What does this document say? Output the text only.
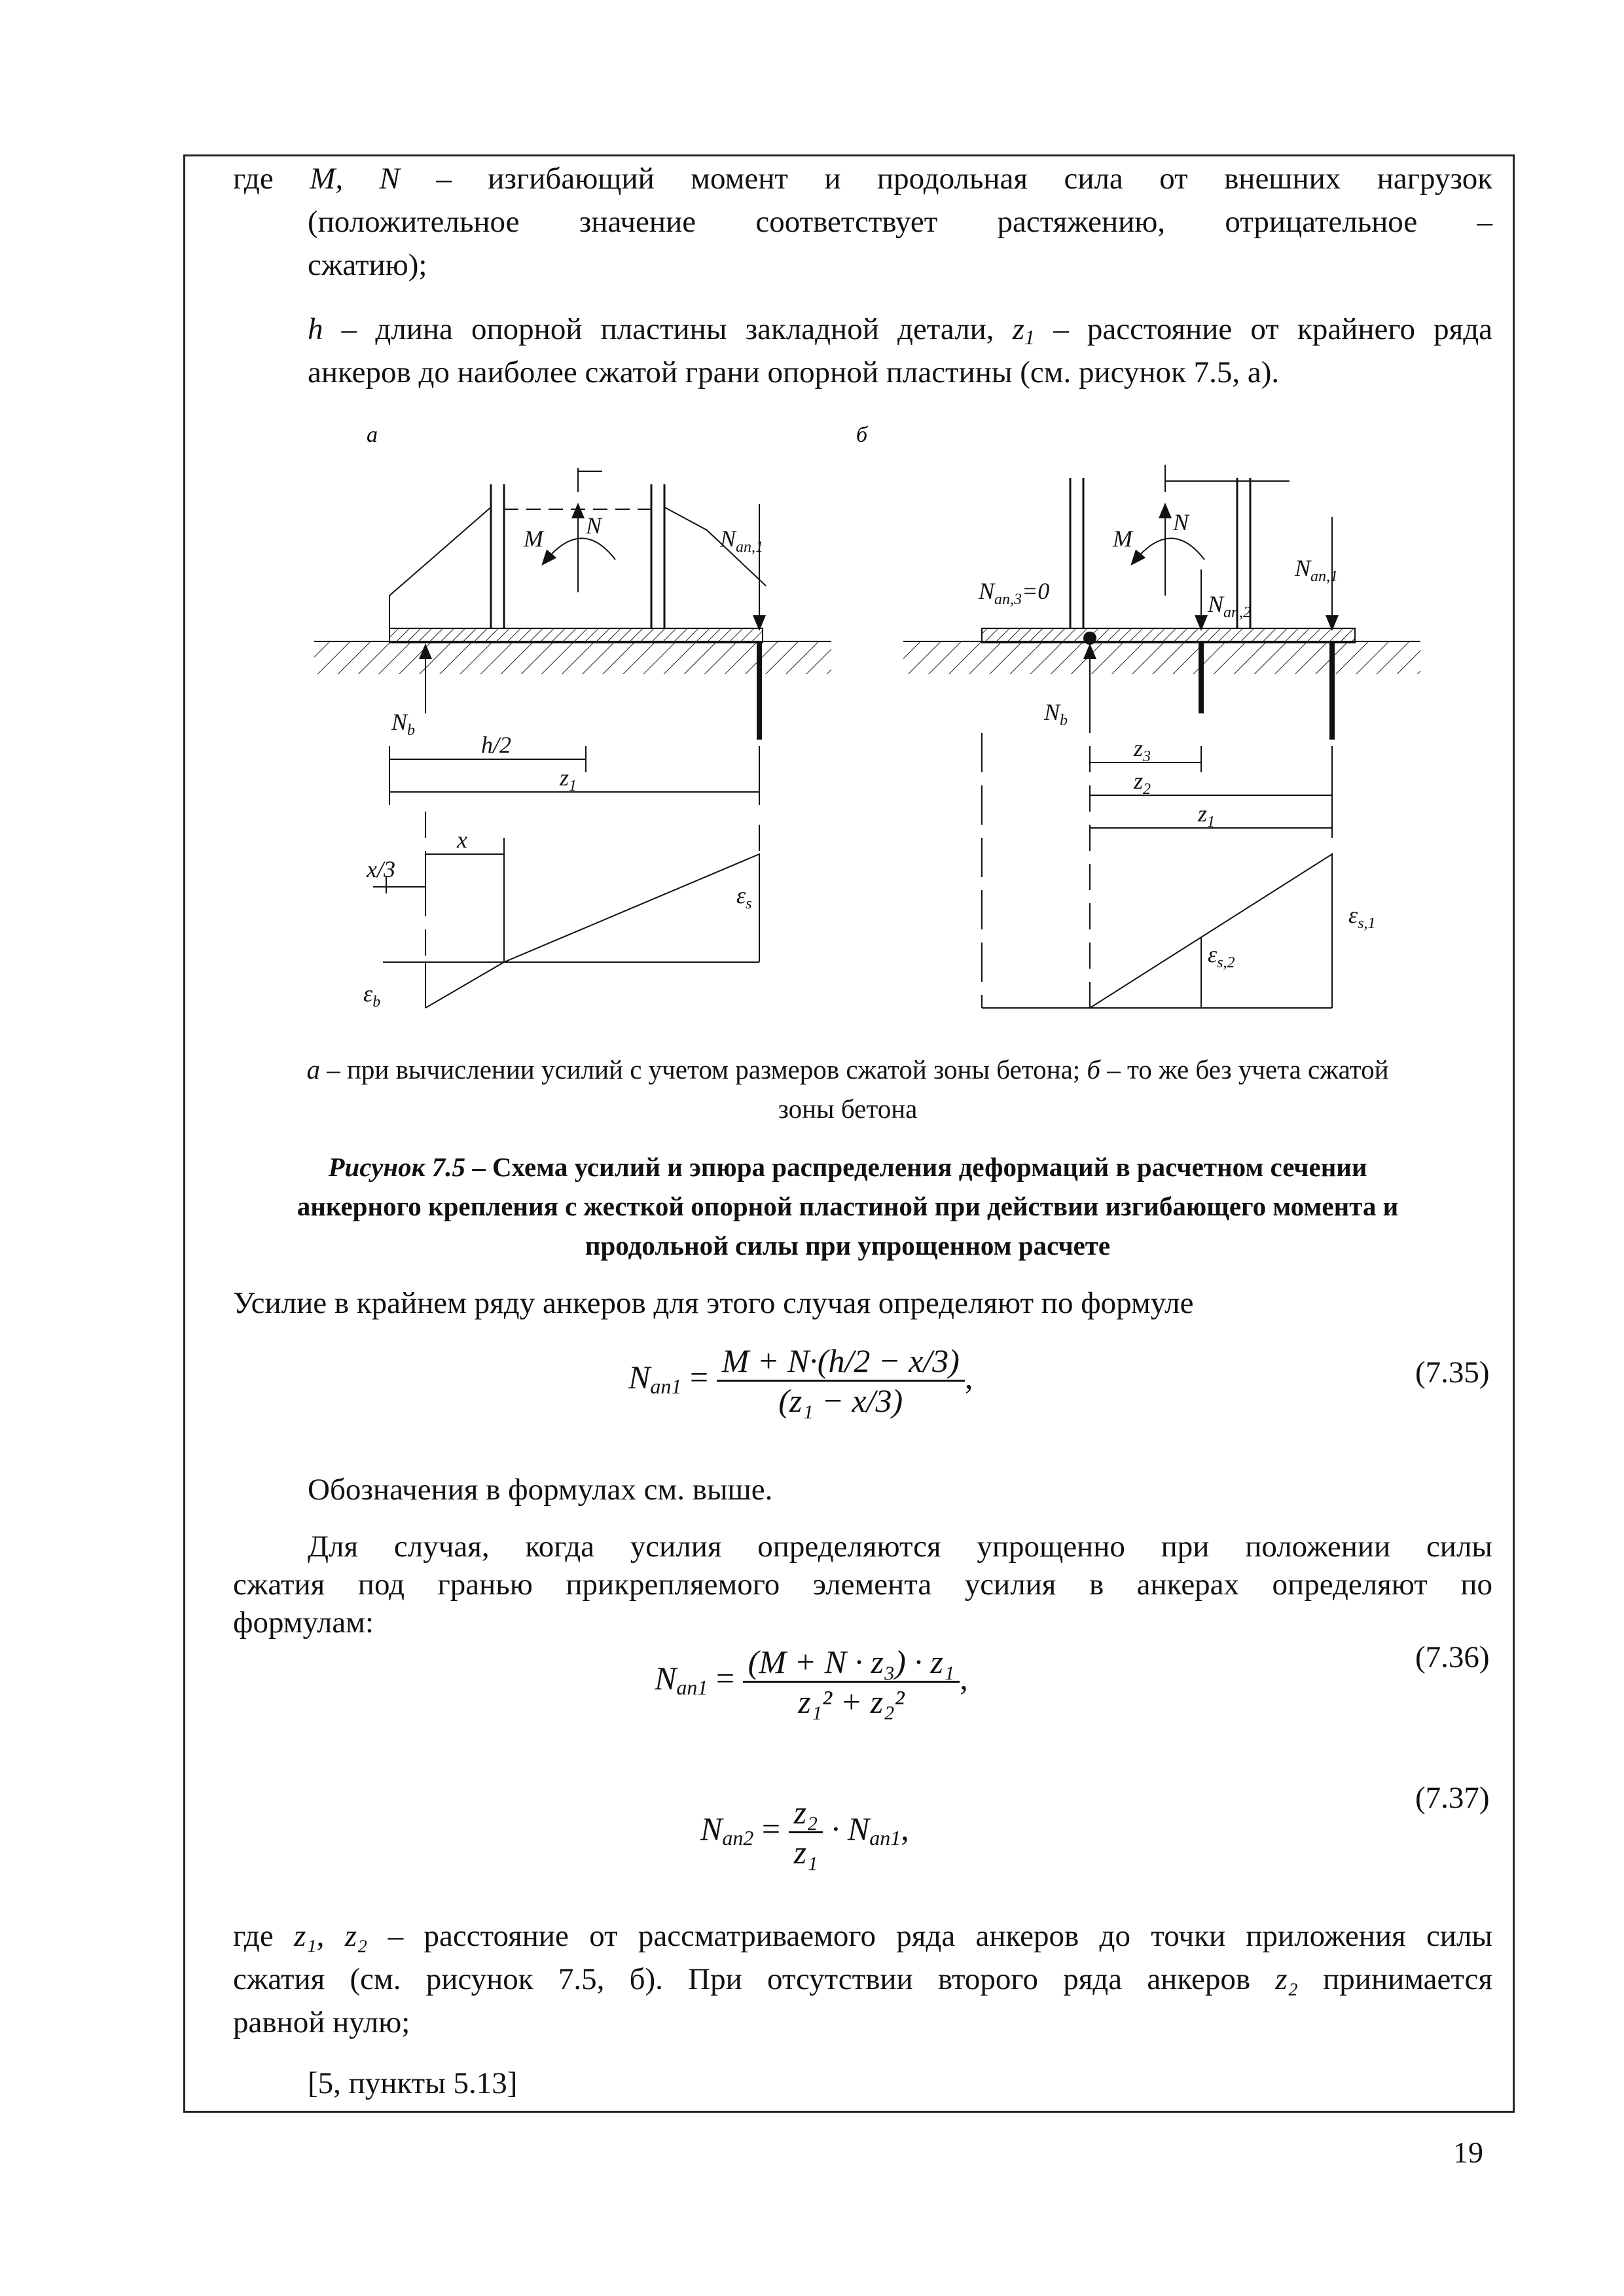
где M, N – изгибающий момент и продольная сила от внешних нагрузок

(положительное значение соответствует растяжению, отрицательное –

сжатию);

h – длина опорной пластины закладной детали, $z_1$ – расстояние от крайнего ряда

анкеров до наиболее сжатой грани опорной пластины (см. рисунок 7.5, а).

а	б
M N	$N_{an,1}$
$N_b$
h/2
$z_1$
x
x/3
$\varepsilon_s$
$\varepsilon_b$
M
N
$N_{an,1}$
$N_{an,2}$
$N_{an,3}=0$
$N_b$
$z_3$
$z_2$
$z_1$
$\varepsilon_{s,1}$
$\varepsilon_{s,2}$
а – при вычислении усилий с учетом размеров сжатой зоны бетона; б – то же без учета сжатой
зоны бетона
Рисунок 7.5 – Схема усилий и эпюра распределения деформаций в расчетном сечении
анкерного крепления с жесткой опорной пластиной при действии изгибающего момента и
продольной силы при упрощенном расчете

Усилие в крайнем ряду анкеров для этого случая определяют по формуле

$N_{an1} = \frac{M + N\cdot(h/2 - x/3)}{\text{(z₁ − x/3)}}$ ,	(7.35)

Обозначения в формулах см. выше.

Для случая, когда усилия определяются упрощенно при положении силы

сжатия под гранью прикрепляемого элемента усилия в анкерах определяют по

формулам:

$N_{an1} = \frac{\text{(M + N · z₃) · z₁}}{\text{z₁² + z₂²}}$ ,
(7.36)
$N_{an2} = \frac{\text{z₂}}{\text{z₁}} \cdot N_{an1}$,
(7.37)

где z₁, z₂ – расстояние от рассматриваемого ряда анкеров до точки приложения силы

сжатия (см. рисунок 7.5, б). При отсутствии второго ряда анкеров z₂ принимается

равной нулю;

[5, пункты 5.13]

19
